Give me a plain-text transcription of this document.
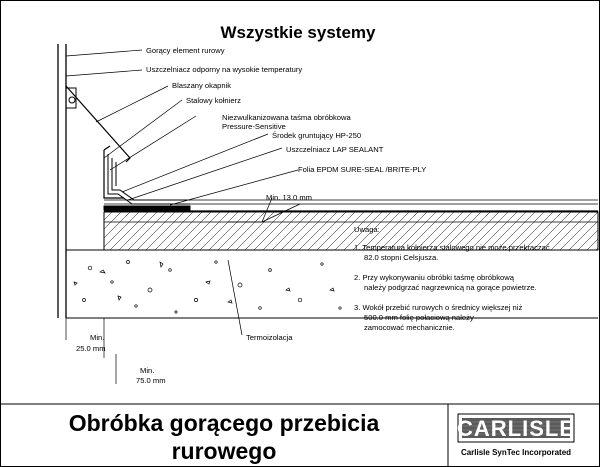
Wszystkie systemy
Gorący element rurowy
Uszczelniacz odporny na wysokie temperatury
Blaszany okapnik
Stalowy kołnierz
Niezwulkanizowana taśma obróbkowa
Pressure-Sensitive
Środek gruntujący HP-250
Uszczelniacz LAP SEALANT
Folia EPDM SURE-SEAL /BRITE-PLY
Termoizolacja
Min. 13.0 mm
Min.
25.0 mm
Min.
75.0 mm
Uwaga:
1. Temperatura kołnierza stalowego nie może przekraczać
82.0 stopni Celsjusza.
2. Przy wykonywaniu obróbki taśmę obróbkową
należy podgrzać nagrzewnicą na gorące powietrze.
3. Wokół przebić rurowych o średnicy większej niż
500.0 mm folię połaciową należy
zamocować mechanicznie.
Obróbka gorącego przebicia
rurowego
CARLISLE
Carlisle SynTec Incorporated
